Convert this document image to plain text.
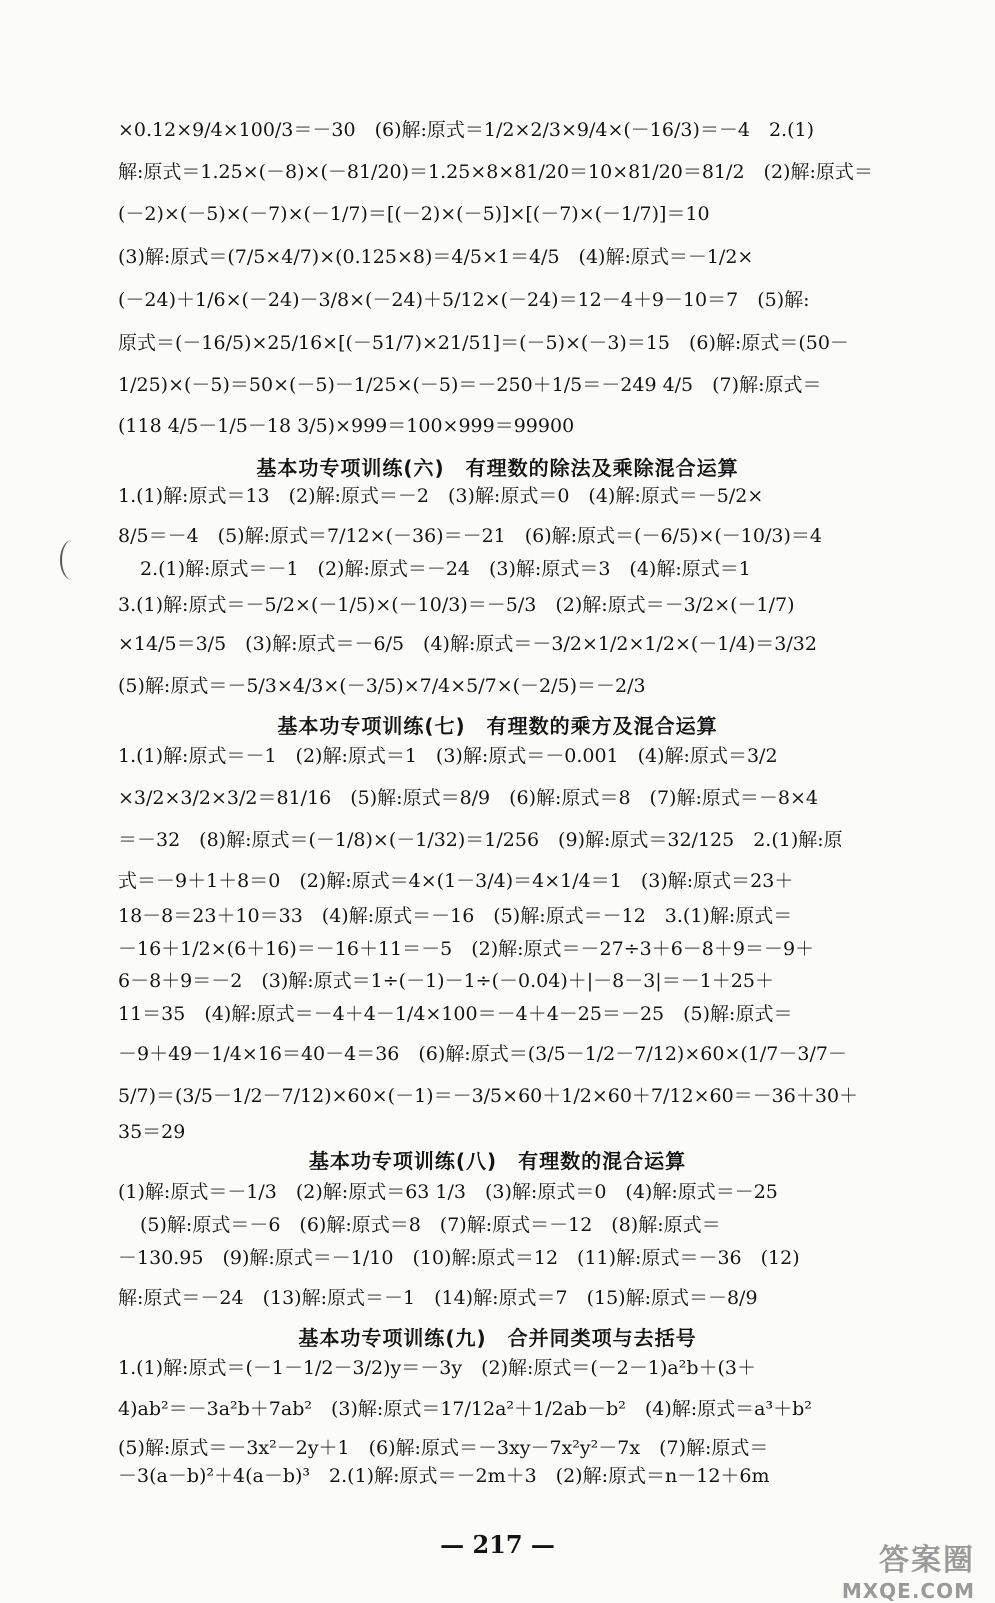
×0.12×9/4×100/3＝－30　(6)解:原式＝1/2×2/3×9/4×(－16/3)＝－4　2.(1)
解:原式＝1.25×(－8)×(－81/20)＝1.25×8×81/20＝10×81/20＝81/2　(2)解:原式＝
(－2)×(－5)×(－7)×(－1/7)＝[(－2)×(－5)]×[(－7)×(－1/7)]＝10
(3)解:原式＝(7/5×4/7)×(0.125×8)＝4/5×1＝4/5　(4)解:原式＝－1/2×
(－24)＋1/6×(－24)－3/8×(－24)＋5/12×(－24)＝12－4＋9－10＝7　(5)解:
原式＝(－16/5)×25/16×[(－51/7)×21/51]＝(－5)×(－3)＝15　(6)解:原式＝(50－
1/25)×(－5)＝50×(－5)－1/25×(－5)＝－250＋1/5＝－249 4/5　(7)解:原式＝
(118 4/5－1/5－18 3/5)×999＝100×999＝99900
基本功专项训练(六)　有理数的除法及乘除混合运算
1.(1)解:原式＝13　(2)解:原式＝－2　(3)解:原式＝0　(4)解:原式＝－5/2×
8/5＝－4　(5)解:原式＝7/12×(－36)＝－21　(6)解:原式＝(－6/5)×(－10/3)＝4
2.(1)解:原式＝－1　(2)解:原式＝－24　(3)解:原式＝3　(4)解:原式＝1
3.(1)解:原式＝－5/2×(－1/5)×(－10/3)＝－5/3　(2)解:原式＝－3/2×(－1/7)
×14/5＝3/5　(3)解:原式＝－6/5　(4)解:原式＝－3/2×1/2×1/2×(－1/4)＝3/32
(5)解:原式＝－5/3×4/3×(－3/5)×7/4×5/7×(－2/5)＝－2/3
基本功专项训练(七)　有理数的乘方及混合运算
1.(1)解:原式＝－1　(2)解:原式＝1　(3)解:原式＝－0.001　(4)解:原式＝3/2
×3/2×3/2×3/2＝81/16　(5)解:原式＝8/9　(6)解:原式＝8　(7)解:原式＝－8×4
＝－32　(8)解:原式＝(－1/8)×(－1/32)＝1/256　(9)解:原式＝32/125　2.(1)解:原
式＝－9＋1＋8＝0　(2)解:原式＝4×(1－3/4)＝4×1/4＝1　(3)解:原式＝23＋
18－8＝23＋10＝33　(4)解:原式＝－16　(5)解:原式＝－12　3.(1)解:原式＝
－16＋1/2×(6＋16)＝－16＋11＝－5　(2)解:原式＝－27÷3＋6－8＋9＝－9＋
6－8＋9＝－2　(3)解:原式＝1÷(－1)－1÷(－0.04)＋|－8－3|＝－1＋25＋
11＝35　(4)解:原式＝－4＋4－1/4×100＝－4＋4－25＝－25　(5)解:原式＝
－9＋49－1/4×16＝40－4＝36　(6)解:原式＝(3/5－1/2－7/12)×60×(1/7－3/7－
5/7)＝(3/5－1/2－7/12)×60×(－1)＝－3/5×60＋1/2×60＋7/12×60＝－36＋30＋
35＝29
基本功专项训练(八)　有理数的混合运算
(1)解:原式＝－1/3　(2)解:原式＝63 1/3　(3)解:原式＝0　(4)解:原式＝－25
(5)解:原式＝－6　(6)解:原式＝8　(7)解:原式＝－12　(8)解:原式＝
－130.95　(9)解:原式＝－1/10　(10)解:原式＝12　(11)解:原式＝－36　(12)
解:原式＝－24　(13)解:原式＝－1　(14)解:原式＝7　(15)解:原式＝－8/9
基本功专项训练(九)　合并同类项与去括号
1.(1)解:原式＝(－1－1/2－3/2)y＝－3y　(2)解:原式＝(－2－1)a²b＋(3＋
4)ab²＝－3a²b＋7ab²　(3)解:原式＝17/12a²＋1/2ab－b²　(4)解:原式＝a³＋b²
(5)解:原式＝－3x²－2y＋1　(6)解:原式＝－3xy－7x²y²－7x　(7)解:原式＝
－3(a－b)²＋4(a－b)³　2.(1)解:原式＝－2m＋3　(2)解:原式＝n－12＋6m
— 217 —	答案圈
MXQE.COM
